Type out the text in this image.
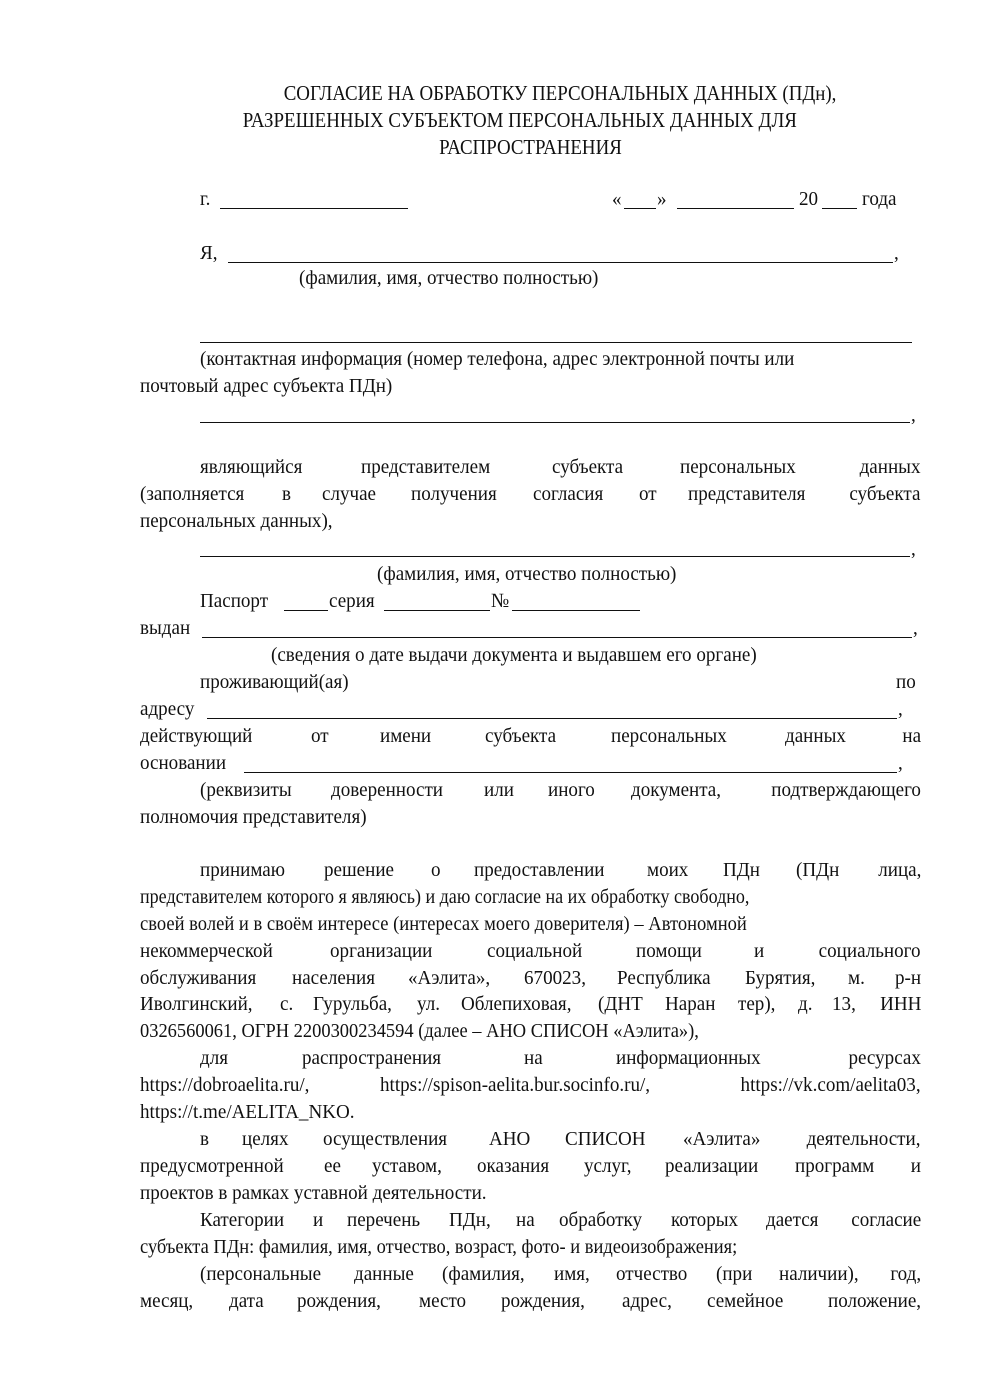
СОГЛАСИЕ НА ОБРАБОТКУ ПЕРСОНАЛЬНЫХ ДАННЫХ (ПДн),
РАЗРЕШЕННЫХ СУБЪЕКТОМ ПЕРСОНАЛЬНЫХ ДАННЫХ ДЛЯ
РАСПРОСТРАНЕНИЯ
г.	« »	20 года
Я,	,
(фамилия, имя, отчество полностью)
(контактная информация (номер телефона, адрес электронной почты или
почтовый адрес субъекта ПДн)
,
являющийся	представителем	субъекта	персональных	данных
(заполняется в случае получения согласия от представителя субъекта
персональных данных),
,
(фамилия, имя, отчество полностью)
Паспорт	серия	№
выдан	,
(сведения о дате выдачи документа и выдавшем его органе)
проживающий(ая)	по
адресу	,
действующий	от	имени	субъекта	персональных	данных	на
основании	,
(реквизиты доверенности или иного документа, подтверждающего
полномочия представителя)
принимаю решение о предоставлении моих ПДн (ПДн лица,
представителем которого я являюсь) и даю согласие на их обработку свободно,
своей волей и в своём интересе (интересах моего доверителя) – Автономной
некоммерческой	организации	социальной	помощи	и	социального
обслуживания населения «Аэлита», 670023, Республика Бурятия, м. р-н
Иволгинский, с. Гурульба, ул. Облепиховая, (ДНТ Наран тер), д. 13, ИНН
0326560061, ОГРН 2200300234594 (далее – АНО СПИСОН «Аэлита»),
для	распространения	на	информационных	ресурсах
https://dobroaelita.ru/,	https://spison-aelita.bur.socinfo.ru/,	https://vk.com/aelita03,
https://t.me/AELITA_NKO.
в целях осуществления АНО СПИСОН «Аэлита» деятельности,
предусмотренной ее уставом, оказания услуг, реализации программ и
проектов в рамках уставной деятельности.
Категории и перечень ПДн, на обработку которых дается согласие
субъекта ПДн: фамилия, имя, отчество, возраст, фото- и видеоизображения;
(персональные данные (фамилия, имя, отчество (при наличии), год,
месяц, дата рождения, место рождения, адрес, семейное положение,
